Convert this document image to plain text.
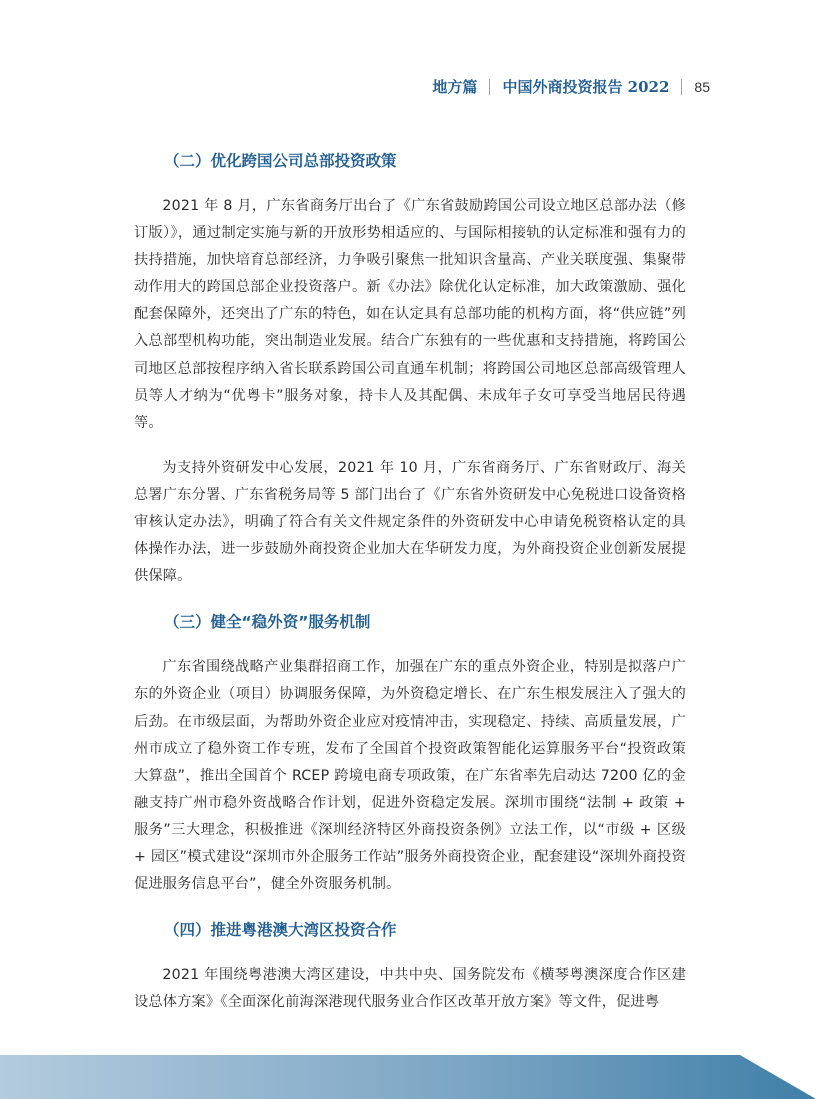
地方篇 中国外商投资报告 2022 85
（二）优化跨国公司总部投资政策

2021 年 8 月，广东省商务厅出台了《广东省鼓励跨国公司设立地区总部办法（修订版）》，通过制定实施与新的开放形势相适应的、与国际相接轨的认定标准和强有力的扶持措施，加快培育总部经济，力争吸引聚焦一批知识含量高、产业关联度强、集聚带动作用大的跨国总部企业投资落户。新《办法》除优化认定标准，加大政策激励、强化配套保障外，还突出了广东的特色，如在认定具有总部功能的机构方面，将“供应链”列入总部型机构功能，突出制造业发展。结合广东独有的一些优惠和支持措施，将跨国公司地区总部按程序纳入省长联系跨国公司直通车机制；将跨国公司地区总部高级管理人员等人才纳为“优粤卡”服务对象，持卡人及其配偶、未成年子女可享受当地居民待遇等。

为支持外资研发中心发展，2021 年 10 月，广东省商务厅、广东省财政厅、海关总署广东分署、广东省税务局等 5 部门出台了《广东省外资研发中心免税进口设备资格审核认定办法》，明确了符合有关文件规定条件的外资研发中心申请免税资格认定的具体操作办法，进一步鼓励外商投资企业加大在华研发力度，为外商投资企业创新发展提供保障。

（三）健全“稳外资”服务机制

广东省围绕战略产业集群招商工作，加强在广东的重点外资企业，特别是拟落户广东的外资企业（项目）协调服务保障，为外资稳定增长、在广东生根发展注入了强大的后劲。在市级层面，为帮助外资企业应对疫情冲击，实现稳定、持续、高质量发展，广州市成立了稳外资工作专班，发布了全国首个投资政策智能化运算服务平台“投资政策大算盘”，推出全国首个 RCEP 跨境电商专项政策，在广东省率先启动达 7200 亿的金融支持广州市稳外资战略合作计划，促进外资稳定发展。深圳市围绕“法制 + 政策 + 服务”三大理念，积极推进《深圳经济特区外商投资条例》立法工作，以“市级 + 区级 + 园区”模式建设“深圳市外企服务工作站”服务外商投资企业，配套建设“深圳外商投资促进服务信息平台”，健全外资服务机制。

（四）推进粤港澳大湾区投资合作

2021 年围绕粤港澳大湾区建设，中共中央、国务院发布《横琴粤澳深度合作区建设总体方案》《全面深化前海深港现代服务业合作区改革开放方案》等文件，促进粤
